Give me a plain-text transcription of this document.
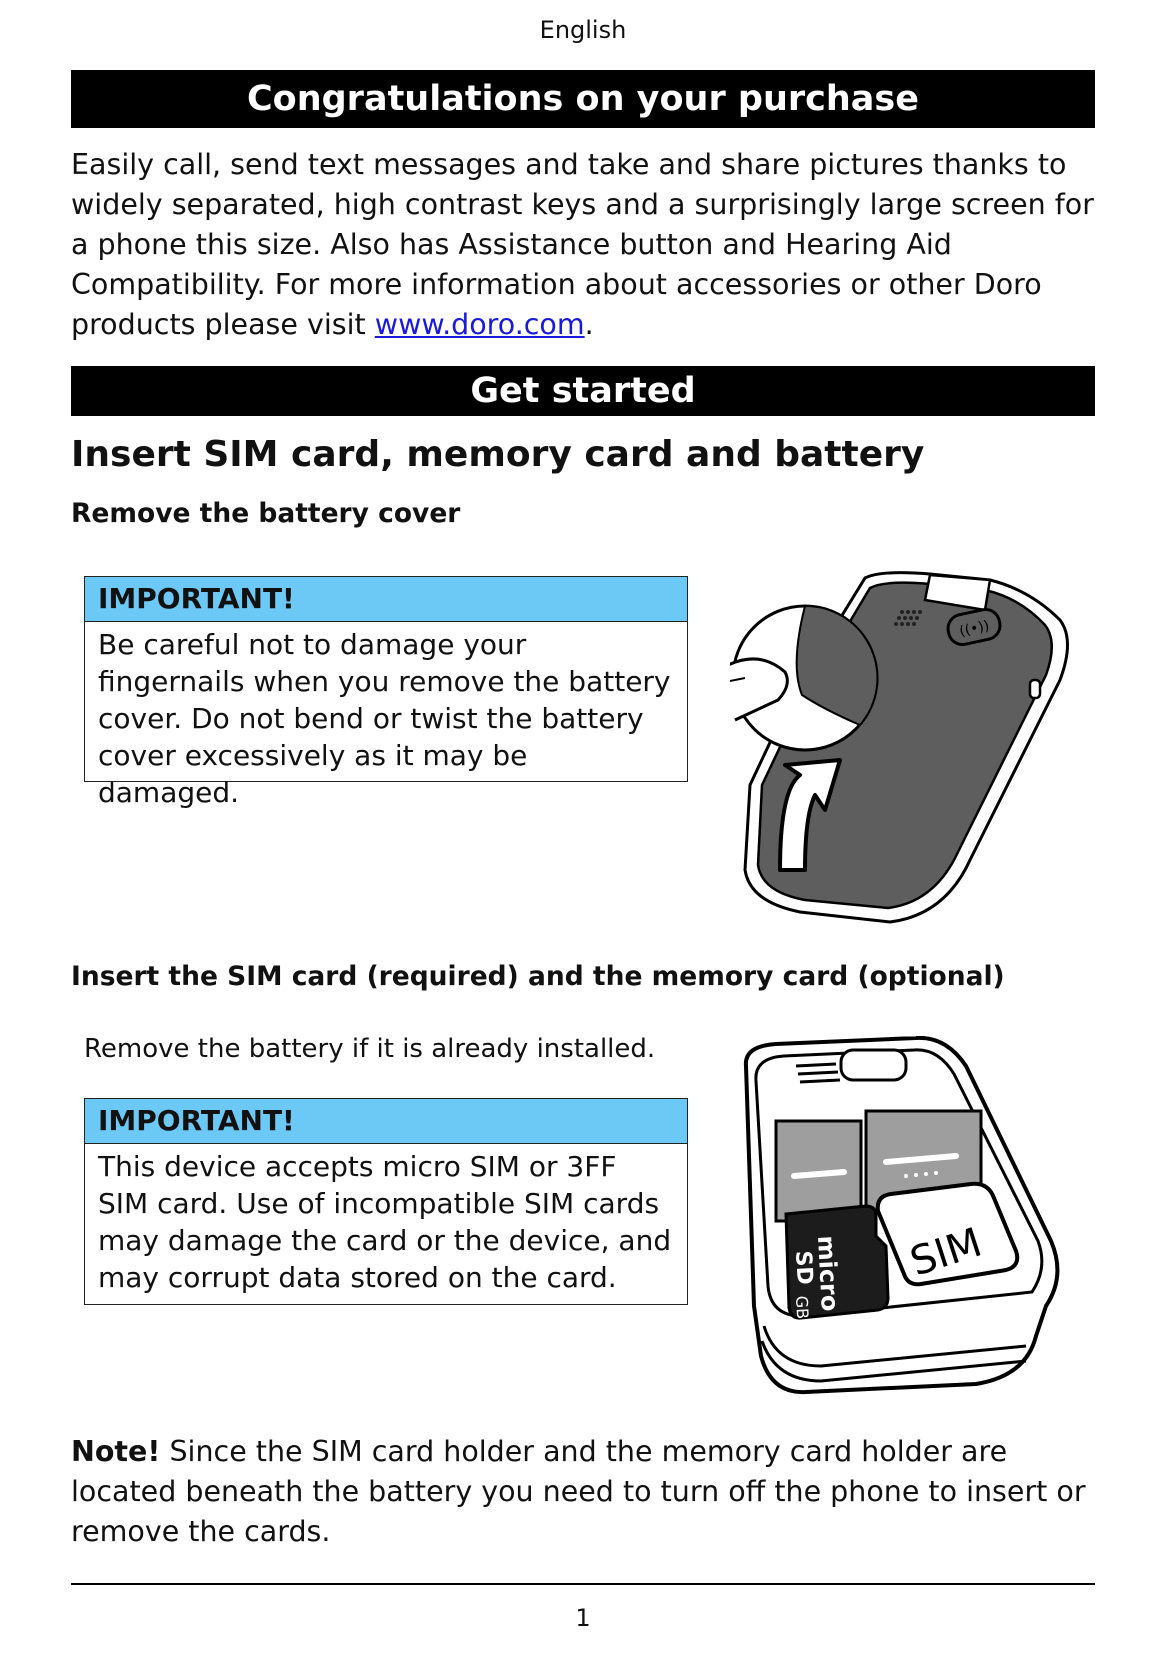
English
Congratulations on your purchase
Easily call, send text messages and take and share pictures thanks to widely separated, high contrast keys and a surprisingly large screen for a phone this size. Also has Assistance button and Hearing Aid Compatibility. For more information about accessories or other Doro products please visit www.doro.com.
Get started
Insert SIM card, memory card and battery
Remove the battery cover
IMPORTANT!
Be careful not to damage your fingernails when you remove the battery cover. Do not bend or twist the battery cover excessively as it may be damaged.
((•))
Insert the SIM card (required) and the memory card (optional)
Remove the battery if it is already installed.
IMPORTANT!
This device accepts micro SIM or 3FF SIM card. Use of incompatible SIM cards may damage the card or the device, and may corrupt data stored on the card.	micro
SD
GB
SIM
Note! Since the SIM card holder and the memory card holder are located beneath the battery you need to turn off the phone to insert or remove the cards.
1
